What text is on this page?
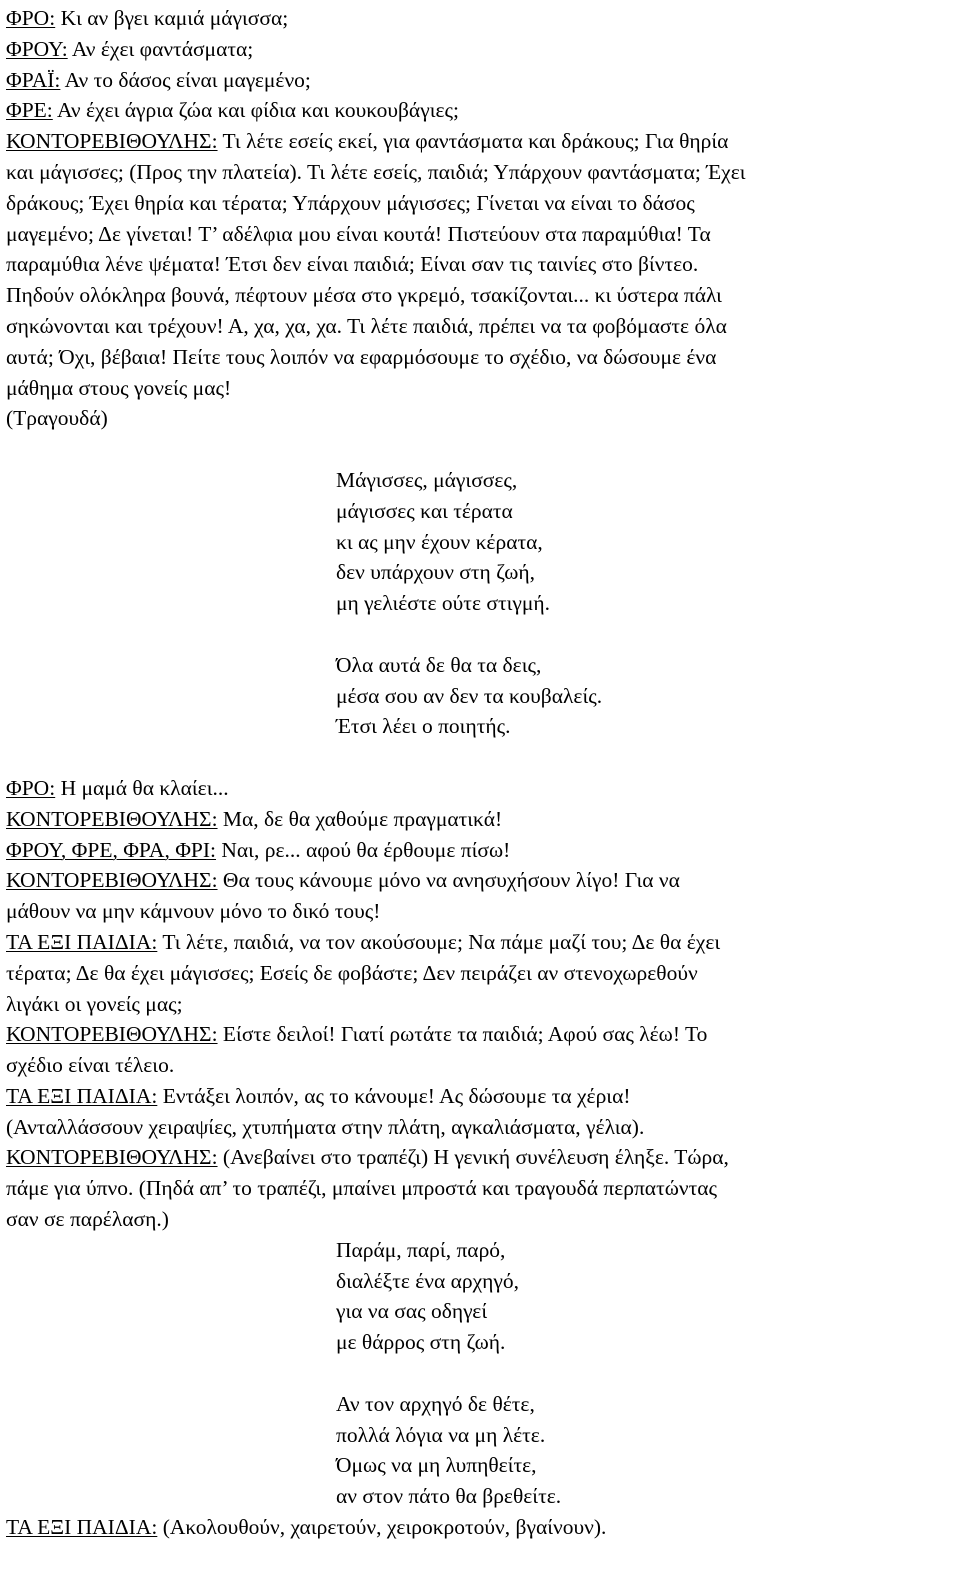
ΦΡΟ: Κι αν βγει καμιά μάγισσα;
ΦΡΟΥ: Αν έχει φαντάσματα;
ΦΡΑΪ: Αν το δάσος είναι μαγεμένο;
ΦΡΕ: Αν έχει άγρια ζώα και φίδια και κουκουβάγιες;
ΚΟΝΤΟΡΕΒΙΘΟΥΛΗΣ: Τι λέτε εσείς εκεί, για φαντάσματα και δράκους; Για θηρία
και μάγισσες; (Προς την πλατεία). Τι λέτε εσείς, παιδιά; Υπάρχουν φαντάσματα; Έχει
δράκους; Έχει θηρία και τέρατα; Υπάρχουν μάγισσες; Γίνεται να είναι το δάσος
μαγεμένο; Δε γίνεται! Τ’ αδέλφια μου είναι κουτά! Πιστεύουν στα παραμύθια! Τα
παραμύθια λένε ψέματα! Έτσι δεν είναι παιδιά; Είναι σαν τις ταινίες στο βίντεο.
Πηδούν ολόκληρα βουνά, πέφτουν μέσα στο γκρεμό, τσακίζονται... κι ύστερα πάλι
σηκώνονται και τρέχουν! Α, χα, χα, χα. Τι λέτε παιδιά, πρέπει να τα φοβόμαστε όλα
αυτά; Όχι, βέβαια! Πείτε τους λοιπόν να εφαρμόσουμε το σχέδιο, να δώσουμε ένα
μάθημα στους γονείς μας!
(Τραγουδά)
Μάγισσες, μάγισσες,
μάγισσες και τέρατα
κι ας μην έχουν κέρατα,
δεν υπάρχουν στη ζωή,
μη γελιέστε ούτε στιγμή.
Όλα αυτά δε θα τα δεις,
μέσα σου αν δεν τα κουβαλείς.
Έτσι λέει ο ποιητής.
ΦΡΟ: Η μαμά θα κλαίει...
ΚΟΝΤΟΡΕΒΙΘΟΥΛΗΣ: Μα, δε θα χαθούμε πραγματικά!
ΦΡΟΥ, ΦΡΕ, ΦΡΑ, ΦΡΙ: Ναι, ρε... αφού θα έρθουμε πίσω!
ΚΟΝΤΟΡΕΒΙΘΟΥΛΗΣ: Θα τους κάνουμε μόνο να ανησυχήσουν λίγο! Για να
μάθουν να μην κάμνουν μόνο το δικό τους!
ΤΑ ΕΞΙ ΠΑΙΔΙΑ: Τι λέτε, παιδιά, να τον ακούσουμε; Να πάμε μαζί του; Δε θα έχει
τέρατα; Δε θα έχει μάγισσες; Εσείς δε φοβάστε; Δεν πειράζει αν στενοχωρεθούν
λιγάκι οι γονείς μας;
ΚΟΝΤΟΡΕΒΙΘΟΥΛΗΣ: Είστε δειλοί! Γιατί ρωτάτε τα παιδιά; Αφού σας λέω! Το
σχέδιο είναι τέλειο.
ΤΑ ΕΞΙ ΠΑΙΔΙΑ: Εντάξει λοιπόν, ας το κάνουμε! Ας δώσουμε τα χέρια!
(Ανταλλάσσουν χειραψίες, χτυπήματα στην πλάτη, αγκαλιάσματα, γέλια).
ΚΟΝΤΟΡΕΒΙΘΟΥΛΗΣ: (Ανεβαίνει στο τραπέζι) Η γενική συνέλευση έληξε. Τώρα,
πάμε για ύπνο. (Πηδά απ’ το τραπέζι, μπαίνει μπροστά και τραγουδά περπατώντας
σαν σε παρέλαση.)
Παράμ, παρί, παρό,
διαλέξτε ένα αρχηγό,
για να σας οδηγεί
με θάρρος στη ζωή.
Αν τον αρχηγό δε θέτε,
πολλά λόγια να μη λέτε.
Όμως να μη λυπηθείτε,
αν στον πάτο θα βρεθείτε.
ΤΑ ΕΞΙ ΠΑΙΔΙΑ: (Ακολουθούν, χαιρετούν, χειροκροτούν, βγαίνουν).
